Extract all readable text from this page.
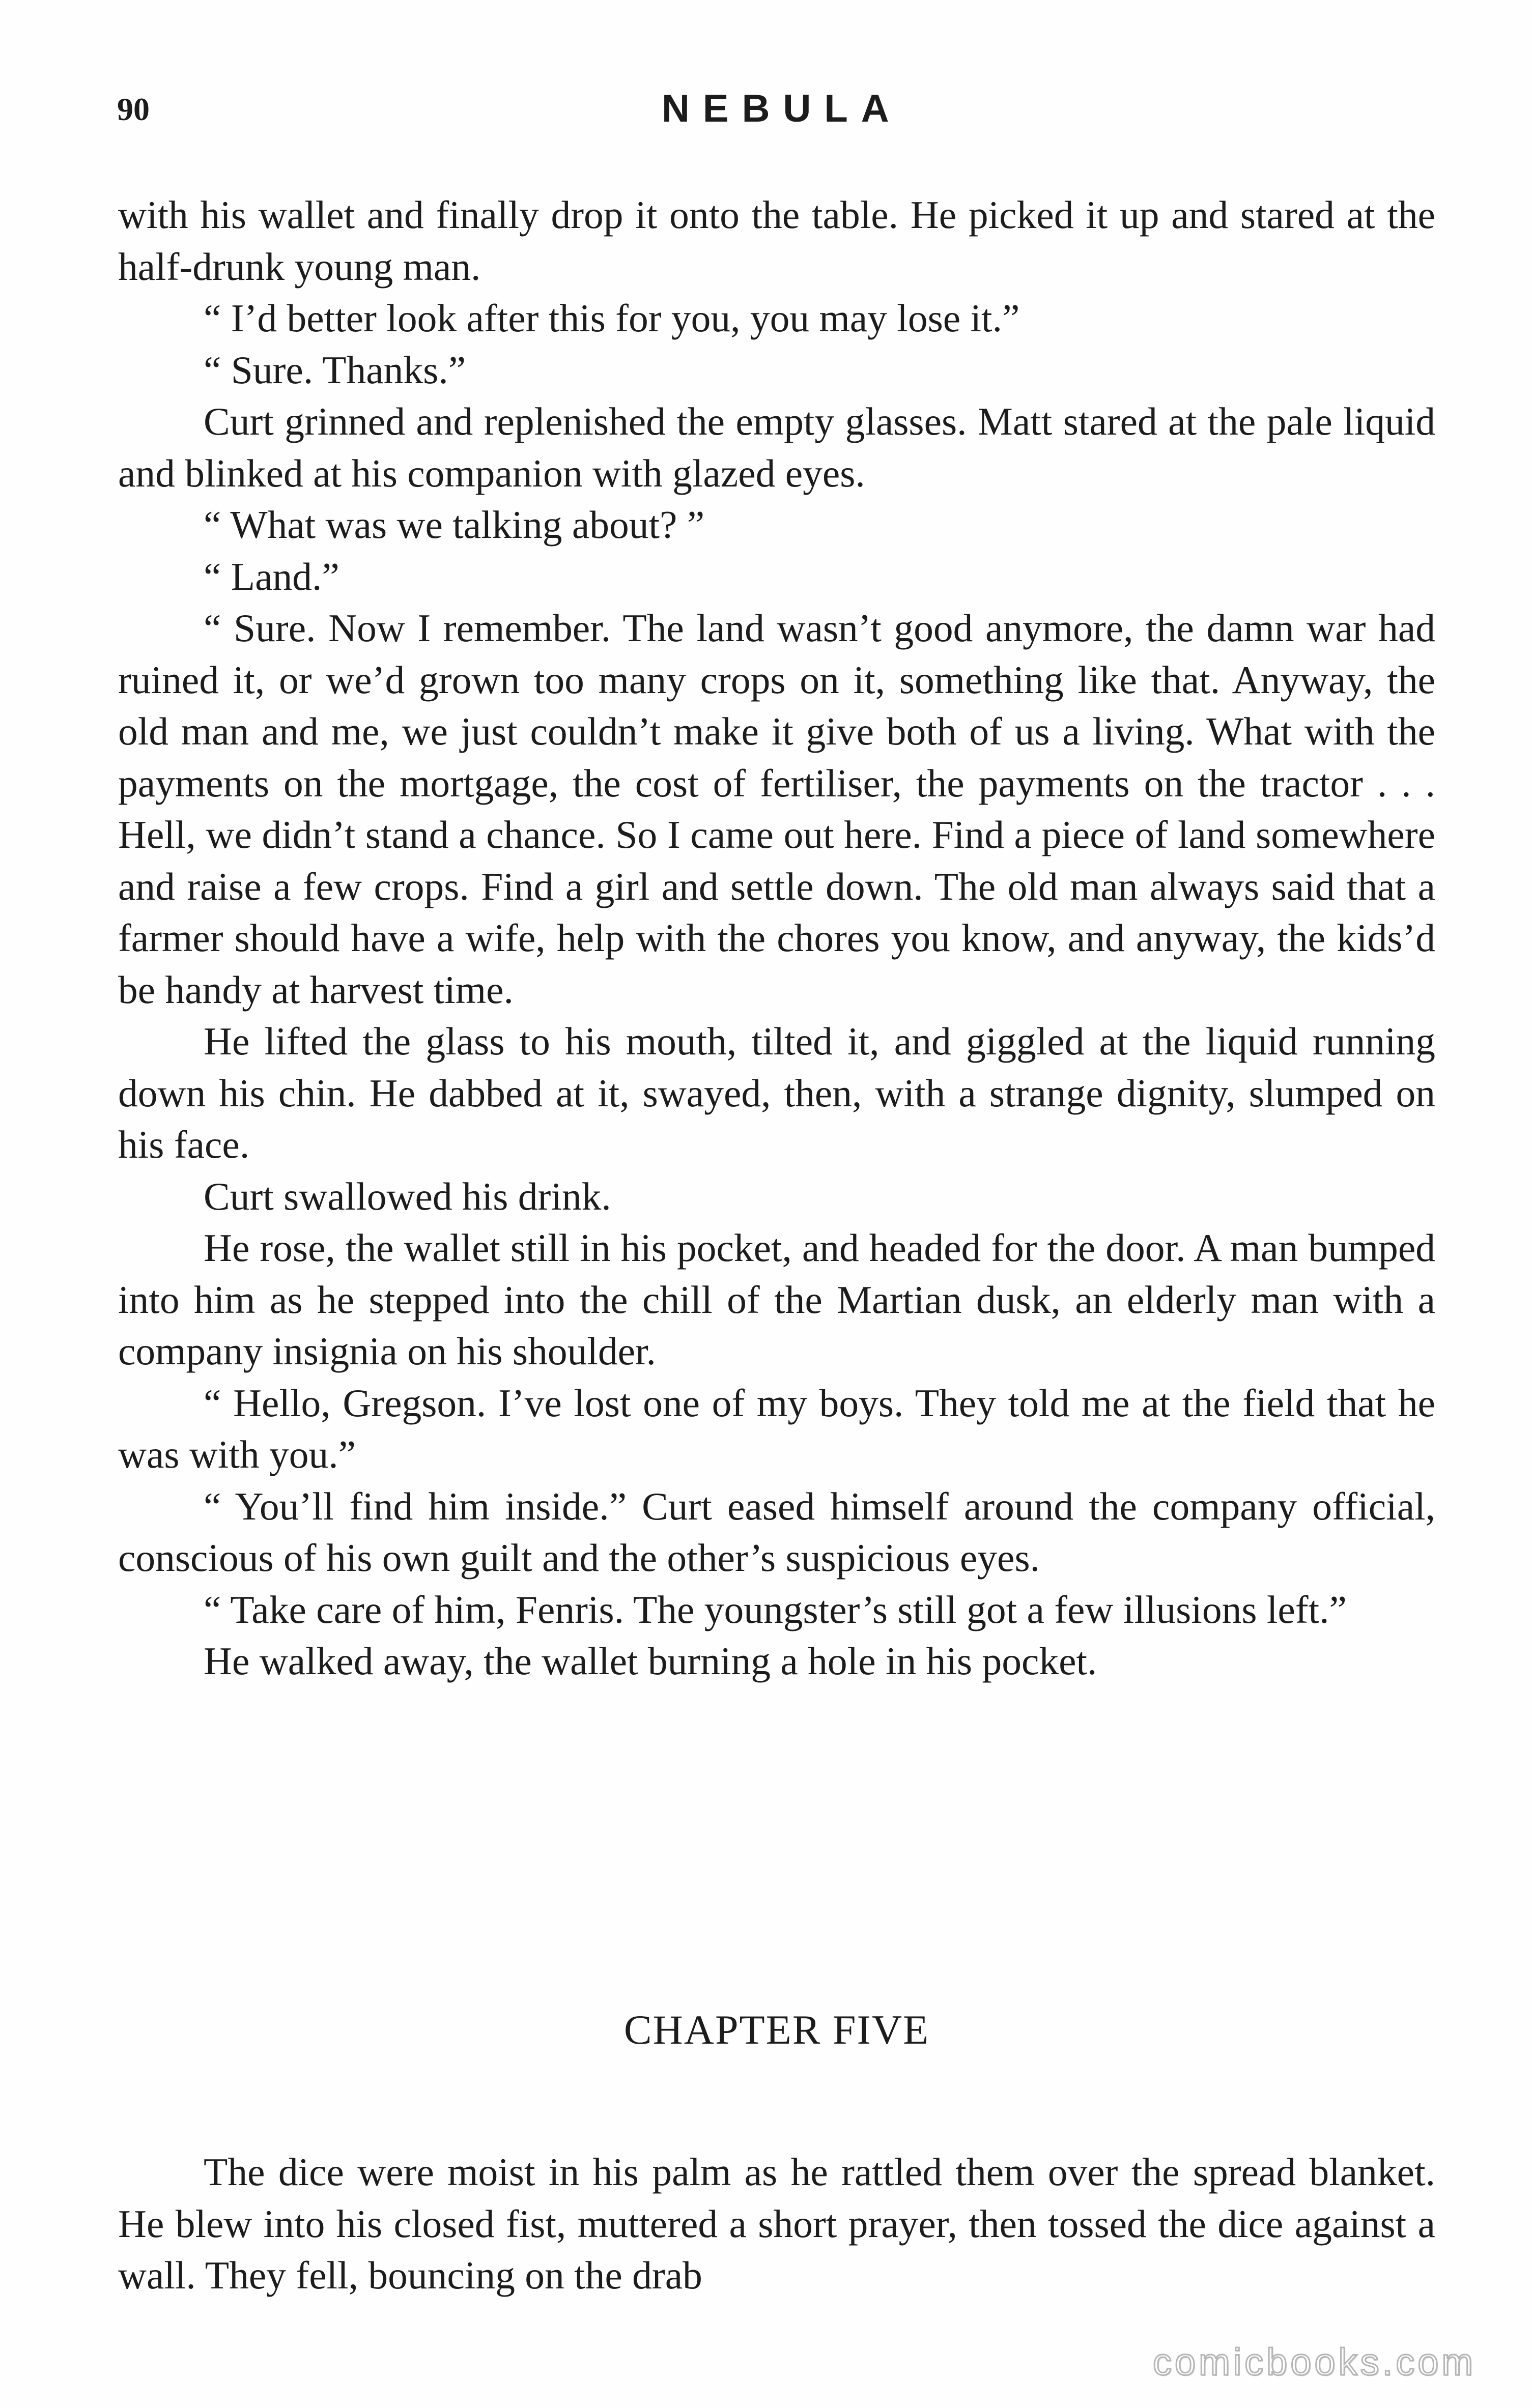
90	NEBULA

with his wallet and finally drop it onto the table. He picked it up and stared at the half-drunk young man.

“ I’d better look after this for you, you may lose it.”

“ Sure. Thanks.”

Curt grinned and replenished the empty glasses. Matt stared at the pale liquid and blinked at his companion with glazed eyes.

“ What was we talking about? ”

“ Land.”

“ Sure. Now I remember. The land wasn’t good anymore, the damn war had ruined it, or we’d grown too many crops on it, something like that. Anyway, the old man and me, we just couldn’t make it give both of us a living. What with the payments on the mortgage, the cost of fertiliser, the payments on the tractor . . . Hell, we didn’t stand a chance. So I came out here. Find a piece of land somewhere and raise a few crops. Find a girl and settle down. The old man always said that a farmer should have a wife, help with the chores you know, and anyway, the kids’d be handy at harvest time.

He lifted the glass to his mouth, tilted it, and giggled at the liquid running down his chin. He dabbed at it, swayed, then, with a strange dignity, slumped on his face.

Curt swallowed his drink.

He rose, the wallet still in his pocket, and headed for the door. A man bumped into him as he stepped into the chill of the Martian dusk, an elderly man with a company insignia on his shoulder.

“ Hello, Gregson. I’ve lost one of my boys. They told me at the field that he was with you.”

“ You’ll find him inside.” Curt eased himself around the company official, conscious of his own guilt and the other’s suspicious eyes.

“ Take care of him, Fenris. The youngster’s still got a few illusions left.”

He walked away, the wallet burning a hole in his pocket.

CHAPTER FIVE

The dice were moist in his palm as he rattled them over the spread blanket. He blew into his closed fist, muttered a short prayer, then tossed the dice against a wall. They fell, bouncing on the drab

comicbooks.com
